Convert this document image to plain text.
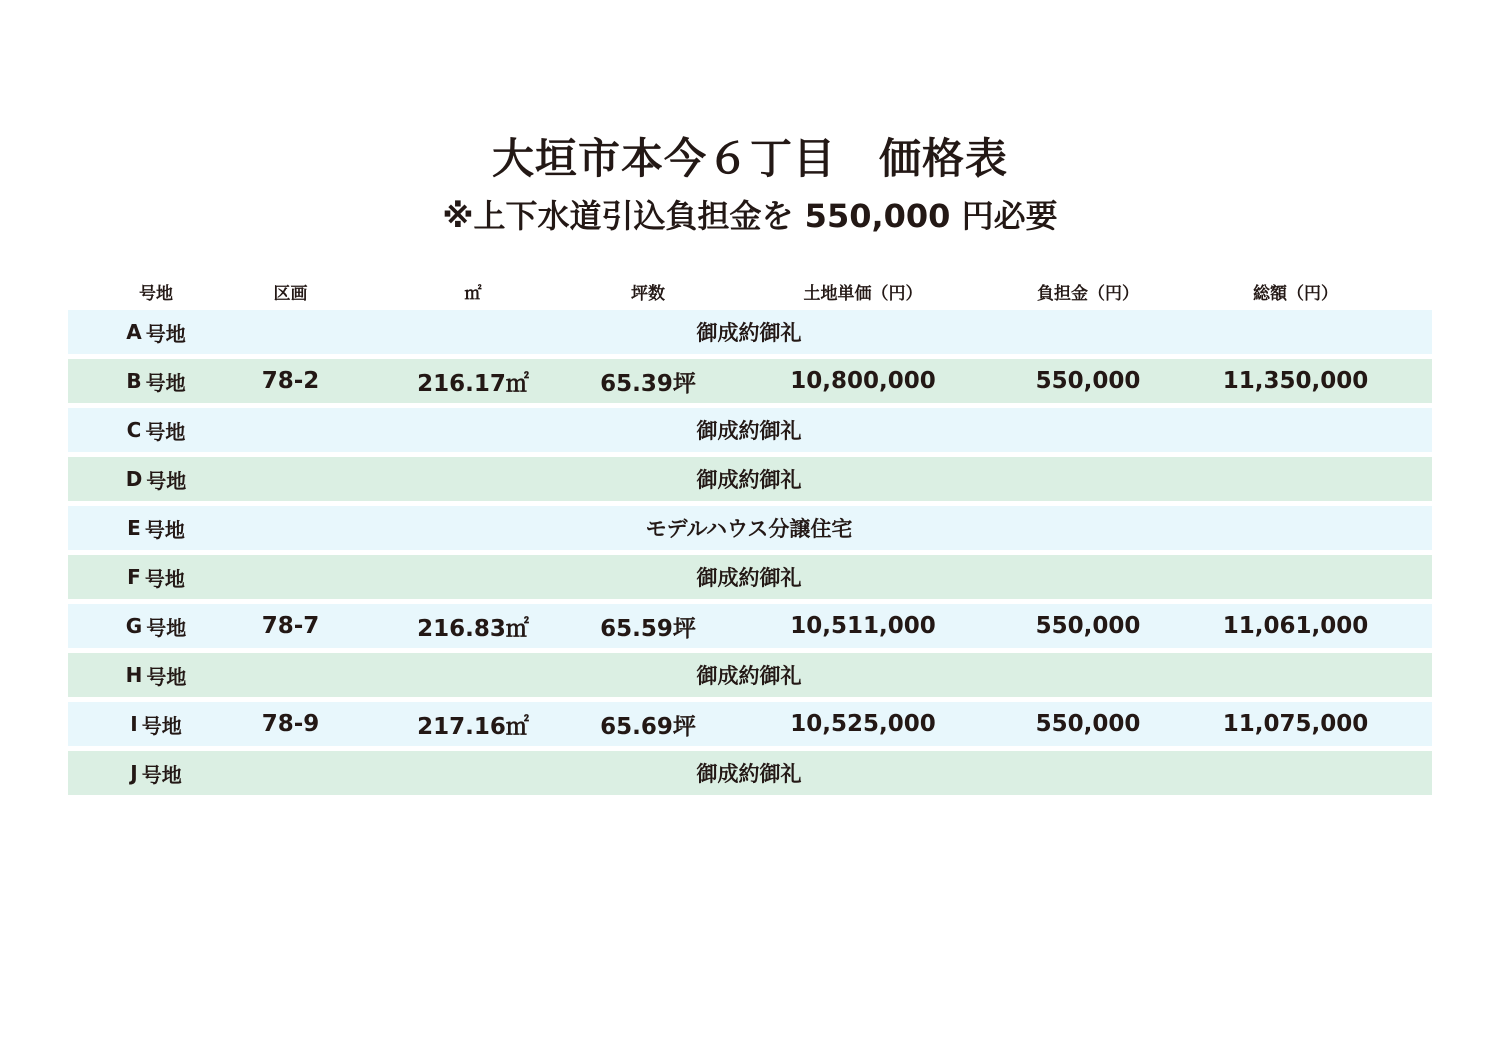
大垣市本今６丁目　価格表
※上下水道引込負担金を 550,000 円必要
号地	区画	㎡	坪数	土地単価（円）	負担金（円）	総額（円）
A 号地	御成約御礼
B 号地	78-2	216.17㎡	65.39坪	10,800,000	550,000	11,350,000
C 号地	御成約御礼
D 号地	御成約御礼
E 号地	モデルハウス分譲住宅
F 号地	御成約御礼
G 号地	78-7	216.83㎡	65.59坪	10,511,000	550,000	11,061,000
H 号地	御成約御礼
I 号地	78-9	217.16㎡	65.69坪	10,525,000	550,000	11,075,000
J 号地	御成約御礼
